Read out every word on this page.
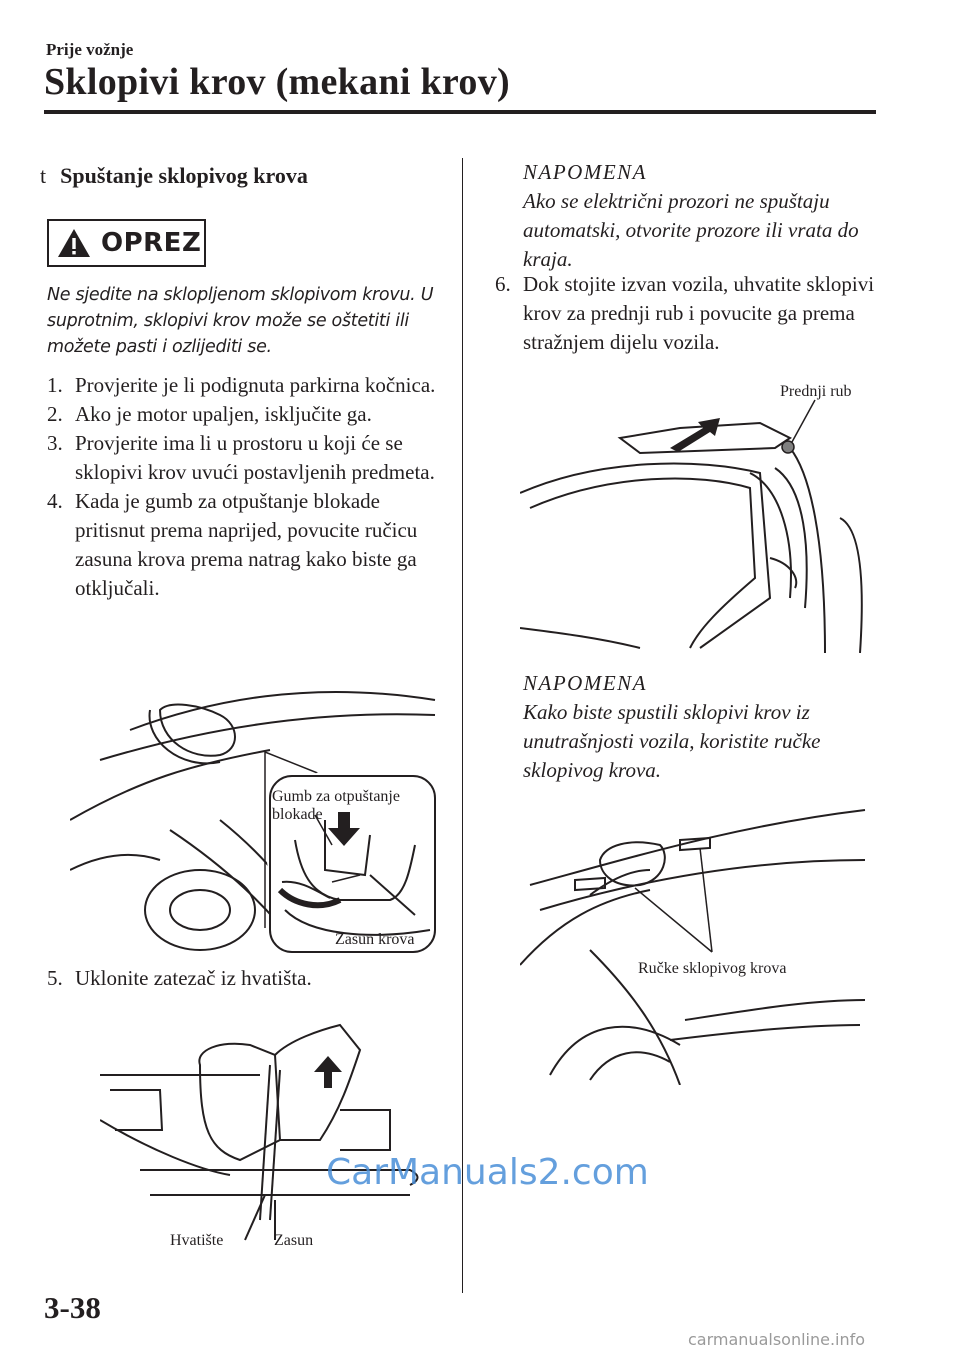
Prije vožnje
Sklopivi krov (mekani krov)
t Spuštanje sklopivog krova
OPREZ
Ne sjedite na sklopljenom sklopivom krovu. U suprotnim, sklopivi krov može se oštetiti ili možete pasti i ozlijediti se.
1. Provjerite je li podignuta parkirna kočnica.
2. Ako je motor upaljen, isključite ga.
3. Provjerite ima li u prostoru u koji će se sklopivi krov uvući postavljenih predmeta.
4. Kada je gumb za otpuštanje blokade pritisnut prema naprijed, povucite ručicu zasuna krova prema natrag kako biste ga otključali.
Gumb za otpuštanje
blokade
Zasun krova
5. Uklonite zatezač iz hvatišta.
Hvatište	Zasun
NAPOMENA
Ako se električni prozori ne spuštaju automatski, otvorite prozore ili vrata do kraja.
6. Dok stojite izvan vozila, uhvatite sklopivi krov za prednji rub i povucite ga prema stražnjem dijelu vozila.
Prednji rub
NAPOMENA
Kako biste spustili sklopivi krov iz unutrašnjosti vozila, koristite ručke sklopivog krova.
Ručke sklopivog krova
3-38
CarManuals2.com
carmanualsonline.info
